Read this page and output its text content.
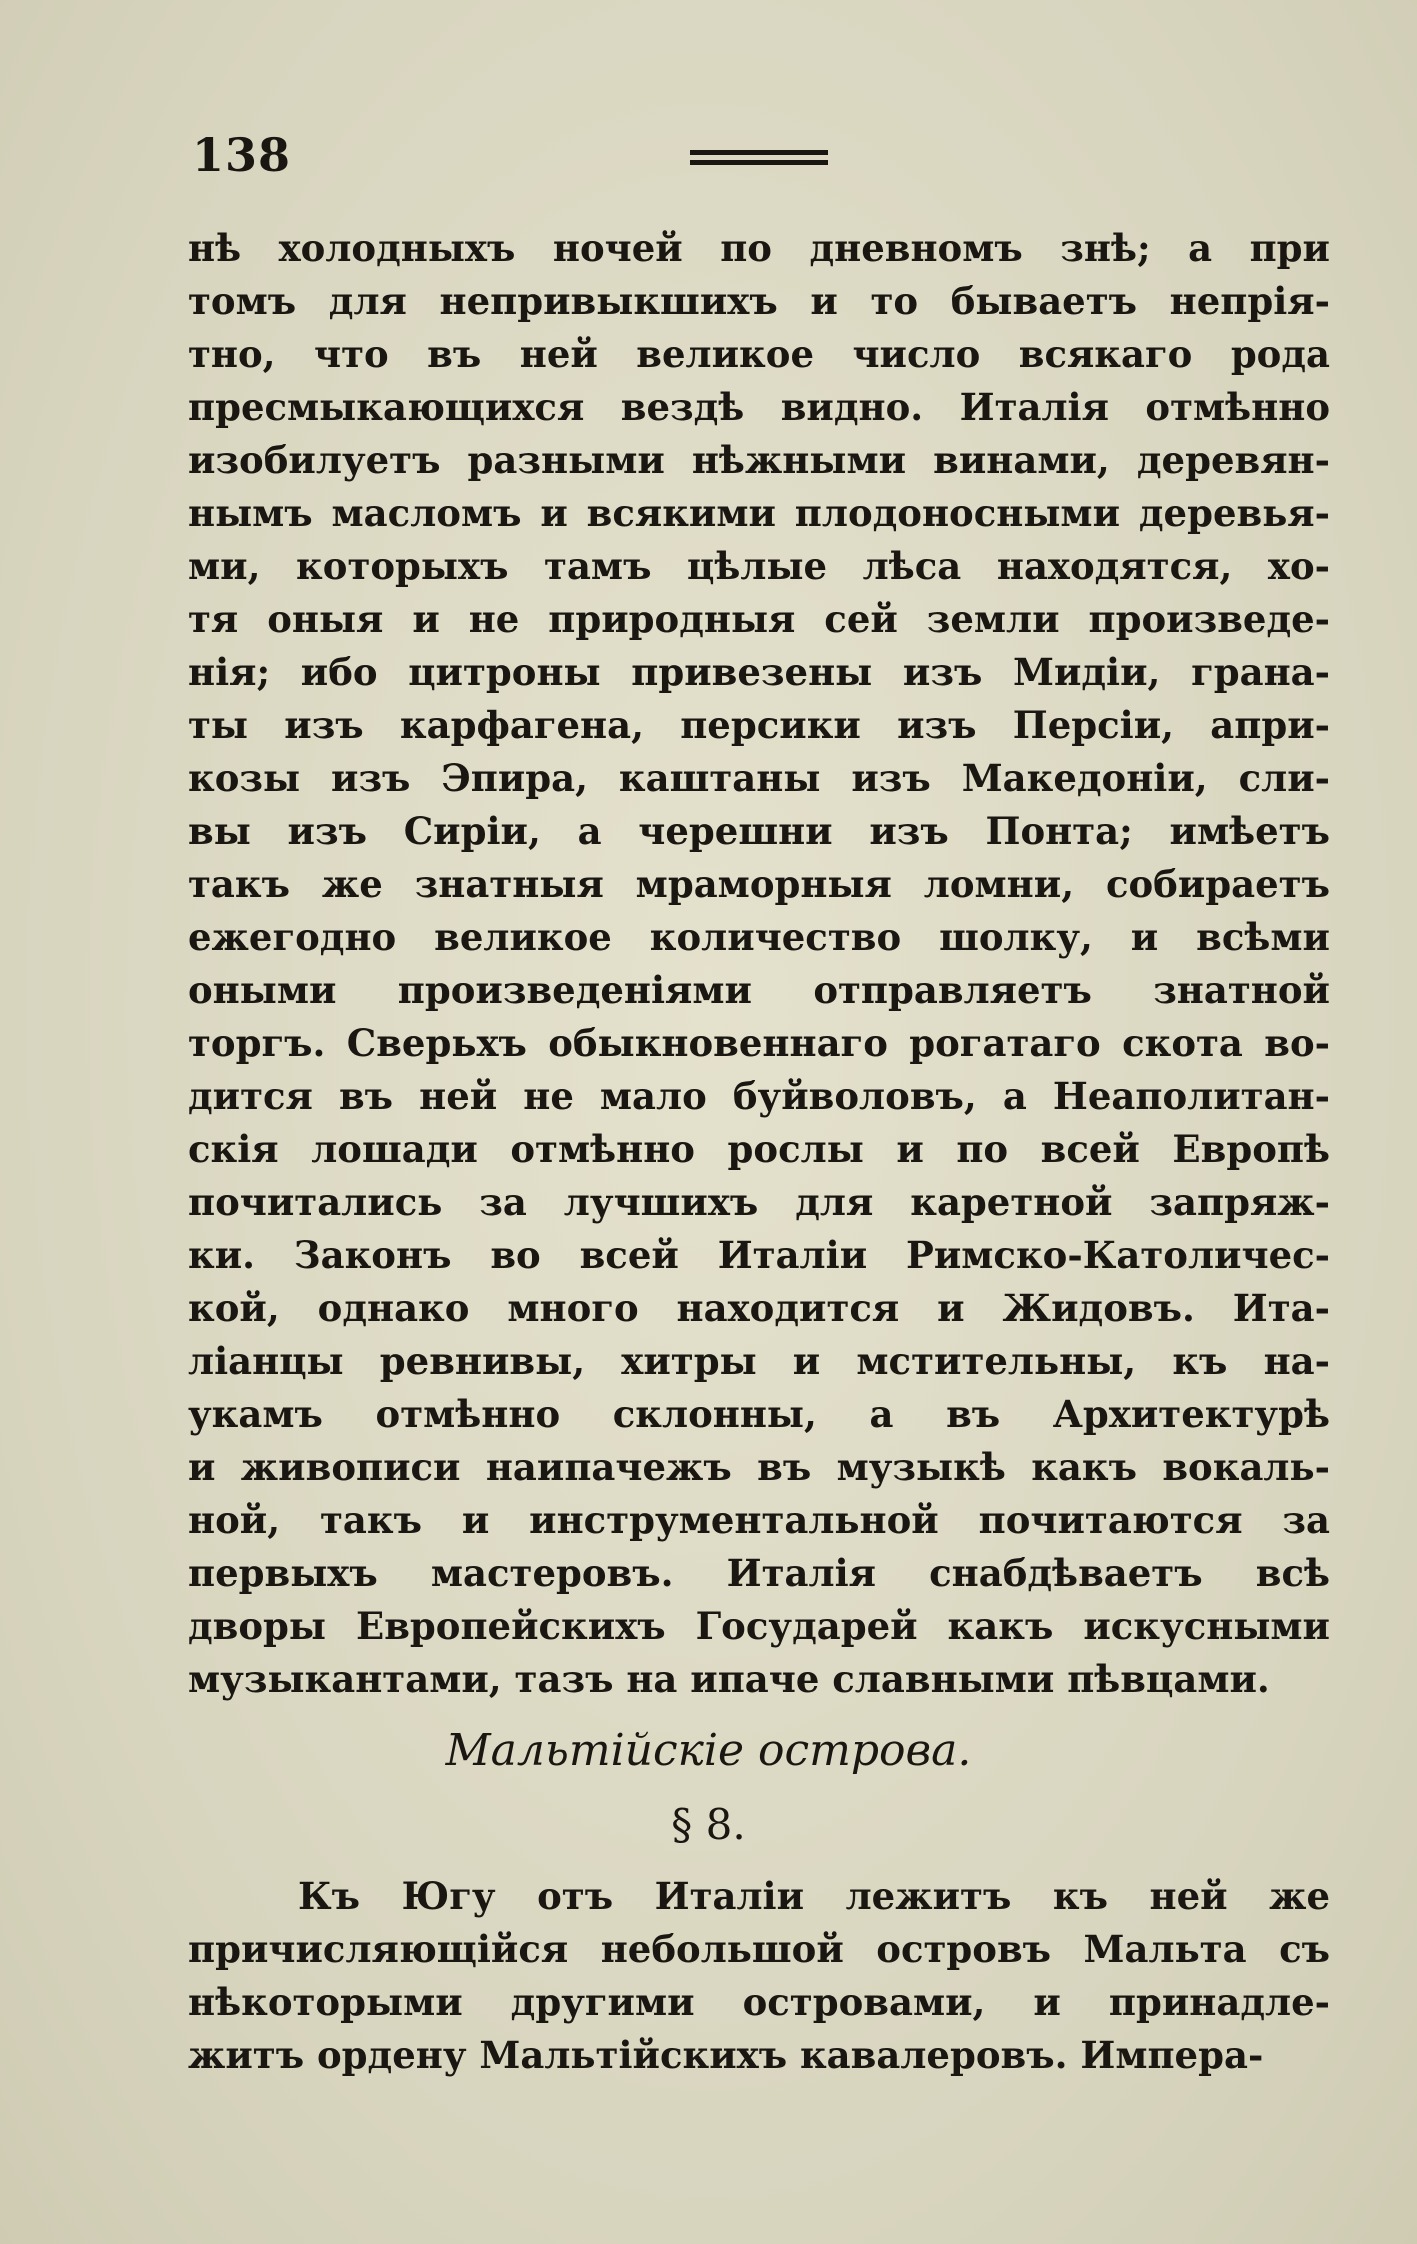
138
нѣ холодныхъ ночей по дневномъ знѣ; а при
томъ для непривыкшихъ и то бываетъ непрія-
тно, что въ ней великое число всякаго рода
пресмыкающихся вездѣ видно. Италія отмѣнно
изобилуетъ разными нѣжными винами, деревян-
нымъ масломъ и всякими плодоносными деревья-
ми, которыхъ тамъ цѣлые лѣса находятся, хо-
тя оныя и не природныя сей земли произведе-
нія; ибо цитроны привезены изъ Мидіи, грана-
ты изъ карфагена, персики изъ Персіи, апри-
козы изъ Эпира, каштаны изъ Македоніи, сли-
вы изъ Сиріи, а черешни изъ Понта; имѣетъ
такъ же знатныя мраморныя ломни, собираетъ
ежегодно великое количество шолку, и всѣми
оными произведеніями отправляетъ знатной
торгъ. Сверьхъ обыкновеннаго рогатаго скота во-
дится въ ней не мало буйволовъ, а Неаполитан-
скія лошади отмѣнно рослы и по всей Европѣ
почитались за лучшихъ для каретной запряж-
ки. Законъ во всей Италіи Римско-Католичес-
кой, однако много находится и Жидовъ. Ита-
ліанцы ревнивы, хитры и мстительны, къ на-
укамъ отмѣнно склонны, а въ Архитектурѣ
и живописи наипачежъ въ музыкѣ какъ вокаль-
ной, такъ и инструментальной почитаются за
первыхъ мастеровъ. Италія снабдѣваетъ всѣ
дворы Европейскихъ Государей какъ искусными
музыкантами, тазъ на ипаче славными пѣвцами.
Мальтійскіе острова.
§ 8.
Къ Югу отъ Италіи лежитъ къ ней же
причисляющійся небольшой островъ Мальта съ
нѣкоторыми другими островами, и принадле-
житъ ордену Мальтійскихъ кавалеровъ. Импера-
